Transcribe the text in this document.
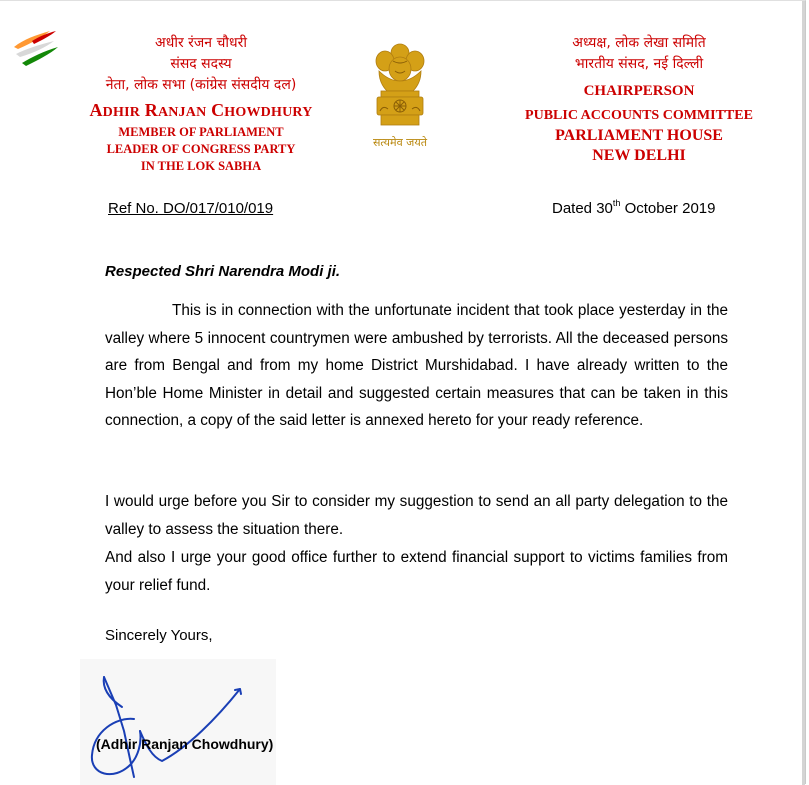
अधीर रंजन चौधरी
संसद सदस्य
नेता, लोक सभा (कांग्रेस संसदीय दल)
ADHIR RANJAN CHOWDHURY
MEMBER OF PARLIAMENT
LEADER OF CONGRESS PARTY
IN THE LOK SABHA
सत्यमेव जयते
अध्यक्ष, लोक लेखा समिति
भारतीय संसद, नई दिल्ली
CHAIRPERSON
PUBLIC ACCOUNTS COMMITTEE
PARLIAMENT HOUSE
NEW DELHI
Ref No. DO/017/010/019	Dated 30th October 2019
Respected Shri Narendra Modi ji.
This is in connection with the unfortunate incident that took place yesterday in the valley where 5 innocent countrymen were ambushed by terrorists. All the deceased persons are from Bengal and from my home District Murshidabad. I have already written to the Hon’ble Home Minister in detail and suggested certain measures that can be taken in this connection, a copy of the said letter is annexed hereto for your ready reference.
I would urge before you Sir to consider my suggestion to send an all party delegation to the valley to assess the situation there.
And also I urge your good office further to extend financial support to victims families from your relief fund.
Sincerely Yours,
(Adhir Ranjan Chowdhury)
